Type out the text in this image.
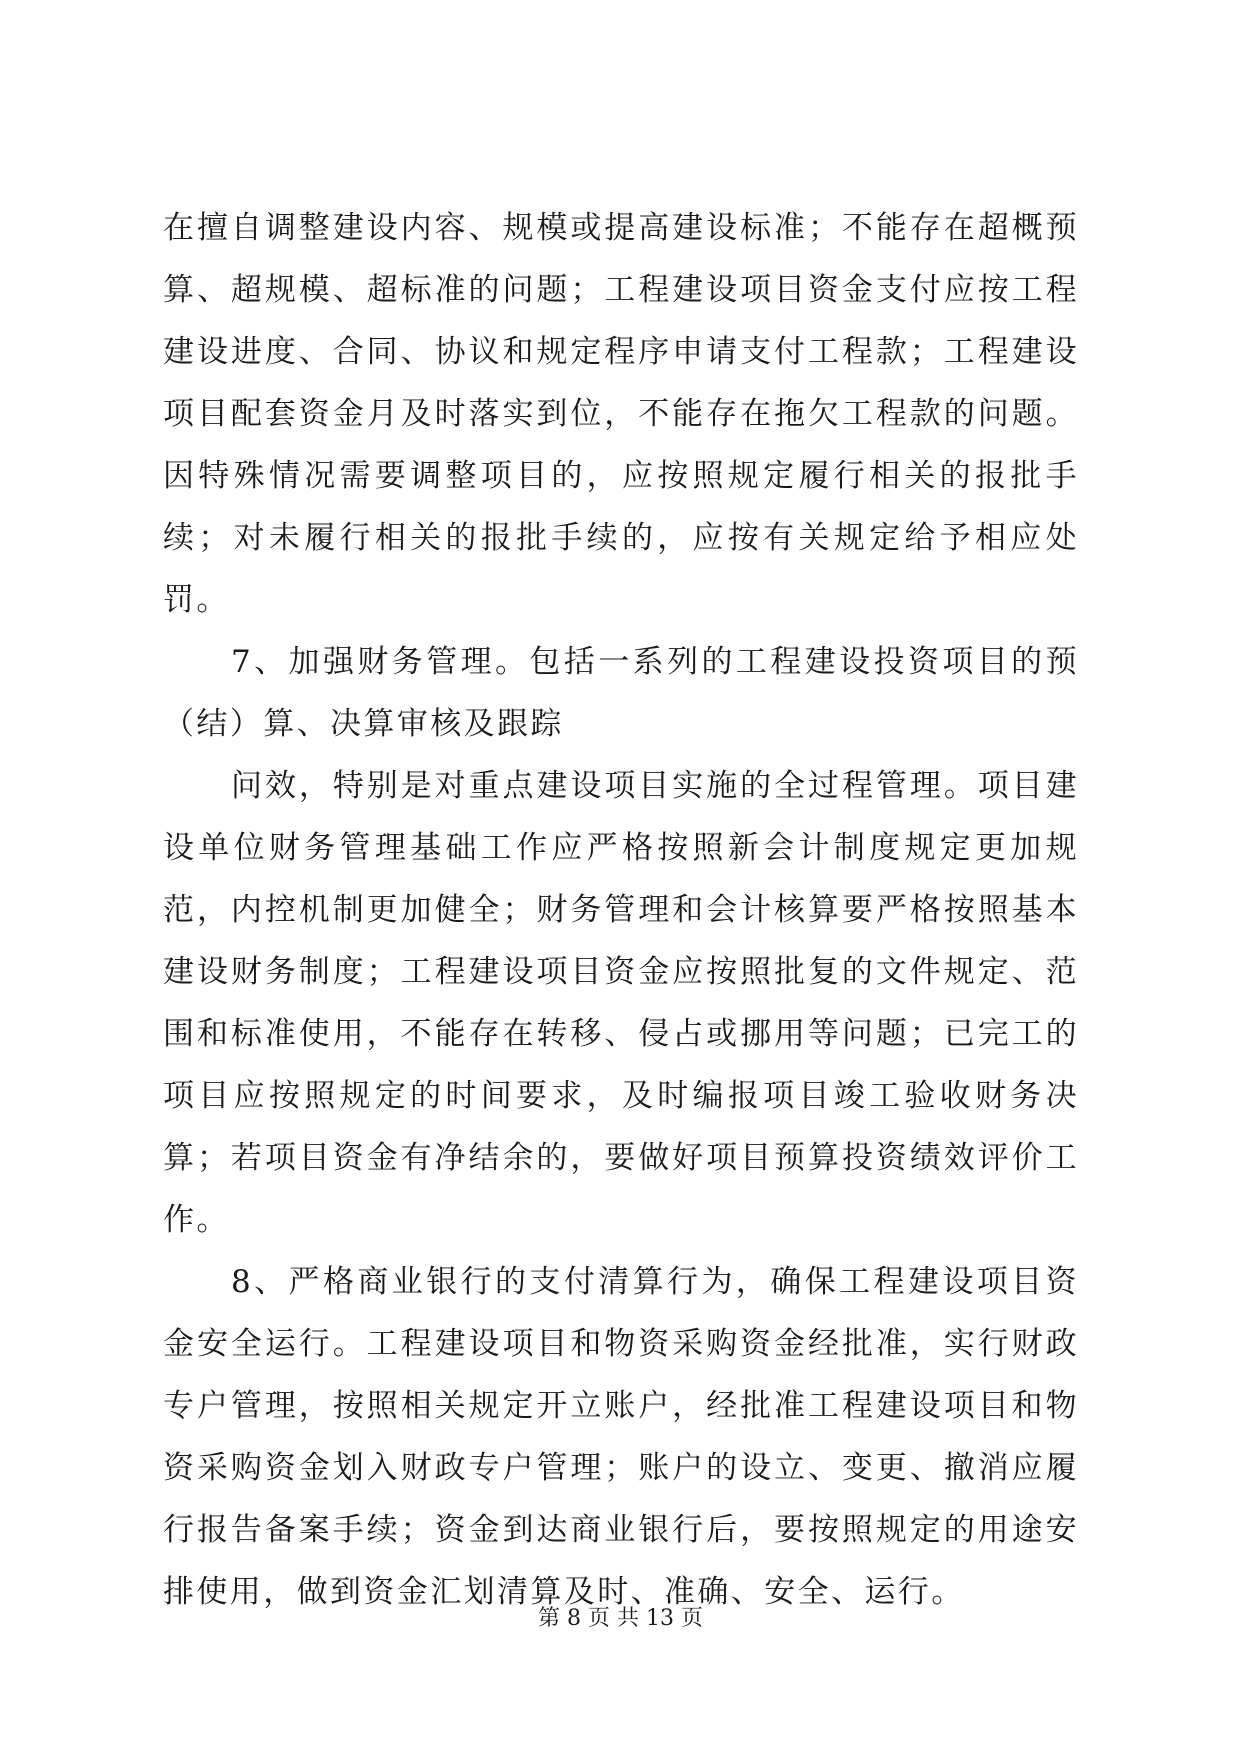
在擅自调整建设内容、规模或提高建设标准；不能存在超概预算、超规模、超标准的问题；工程建设项目资金支付应按工程建设进度、合同、协议和规定程序申请支付工程款；工程建设项目配套资金月及时落实到位，不能存在拖欠工程款的问题。因特殊情况需要调整项目的，应按照规定履行相关的报批手续；对未履行相关的报批手续的，应按有关规定给予相应处罚。

7、加强财务管理。包括一系列的工程建设投资项目的预（结）算、决算审核及跟踪

问效，特别是对重点建设项目实施的全过程管理。项目建设单位财务管理基础工作应严格按照新会计制度规定更加规范，内控机制更加健全；财务管理和会计核算要严格按照基本建设财务制度；工程建设项目资金应按照批复的文件规定、范围和标准使用，不能存在转移、侵占或挪用等问题；已完工的项目应按照规定的时间要求，及时编报项目竣工验收财务决算；若项目资金有净结余的，要做好项目预算投资绩效评价工作。

8、严格商业银行的支付清算行为，确保工程建设项目资金安全运行。工程建设项目和物资采购资金经批准，实行财政专户管理，按照相关规定开立账户，经批准工程建设项目和物资采购资金划入财政专户管理；账户的设立、变更、撤消应履行报告备案手续；资金到达商业银行后，要按照规定的用途安排使用，做到资金汇划清算及时、准确、安全、运行。

第 8 页 共 13 页
